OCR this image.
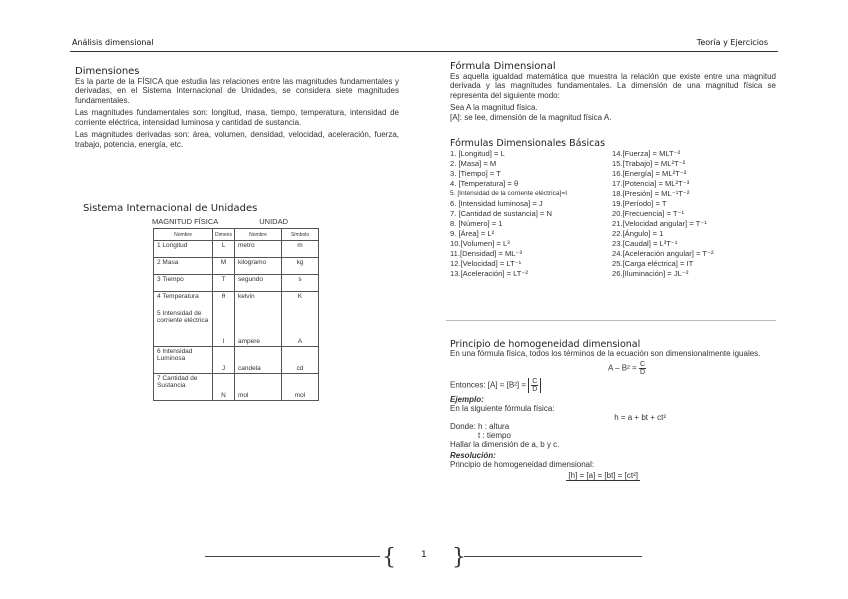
Análisis dimensional	Teoría y Ejercicios
Dimensiones

Es la parte de la FÍSICA que estudia las relaciones entre las magnitudes fundamentales y derivadas, en el Sistema Internacional de Unidades, se considera siete magnitudes fundamentales.

Las magnitudes fundamentales son: longitud, masa, tiempo, temperatura, intensidad de corriente eléctrica, intensidad luminosa y cantidad de sustancia.

Las magnitudes derivadas son: área, volumen, densidad, velocidad, aceleración, fuerza, trabajo, potencia, energía, etc.

Sistema Internacional de Unidades
MAGNITUD FÍSICA	UNIDAD
Nombre	Dimens	Nombre	Símbolo
1 Longitud	L	metro	m
2 Masa	M	kilogramo	kg
3 Tiempo	T	segundo	s
4 Temperatura	θ	kelvin	K
5 Intensidad de corriente eléctrica	I	ampere	A
6 Intensidad Luminosa	J	candela	cd
7 Cantidad de Sustancia	N	mol	mol
Fórmula Dimensional

Es aquella igualdad matemática que muestra la relación que existe entre una magnitud derivada y las magnitudes fundamentales. La dimensión de una magnitud física se representa del siguiente modo:

Sea A la magnitud física.
[A]: se lee, dimensión de la magnitud física A.
Fórmulas Dimensionales Básicas
1. [Longitud] = L
2. [Masa] = M
3. [Tiempo] = T
4. [Temperatura] = θ
5. [Intensidad de la corriente eléctrica]=I
6. [Intensidad luminosa] = J
7. [Cantidad de sustancia] = N
8. [Número] = 1
9. [Área] = L²
10.[Volumen] = L³
11.[Densidad] = ML⁻³
12.[Velocidad] = LT⁻¹
13.[Aceleración] = LT⁻²
14.[Fuerza] = MLT⁻²
15.[Trabajo] = ML²T⁻²
16.[Energía] = ML²T⁻²
17.[Potencia] = ML²T⁻³
18.[Presión] = ML⁻¹T⁻²
19.[Período] = T
20.[Frecuencia] = T⁻¹
21.[Velocidad angular] = T⁻¹
22.[Ángulo] = 1
23.[Caudal] = L³T⁻¹
24.[Aceleración angular] = T⁻²
25.[Carga eléctrica] = IT
26.[Iluminación] = JL⁻²
Principio de homogeneidad dimensional

En una fórmula física, todos los términos de la ecuación son dimensionalmente iguales.

$A - B^2 = \frac{C}{D}$
Entonces: $[A] = [B^2] = \frac{C}{D}$
Ejemplo:
En la siguiente fórmula física:
h = a + bt + ct²
Donde: h : altura
t : tiempo
Hallar la dimensión de a, b y c.
Resolución:
Principio de homogeneidad dimensional:
[h] = [a] = [bt] = [ct²]
{	1 }
